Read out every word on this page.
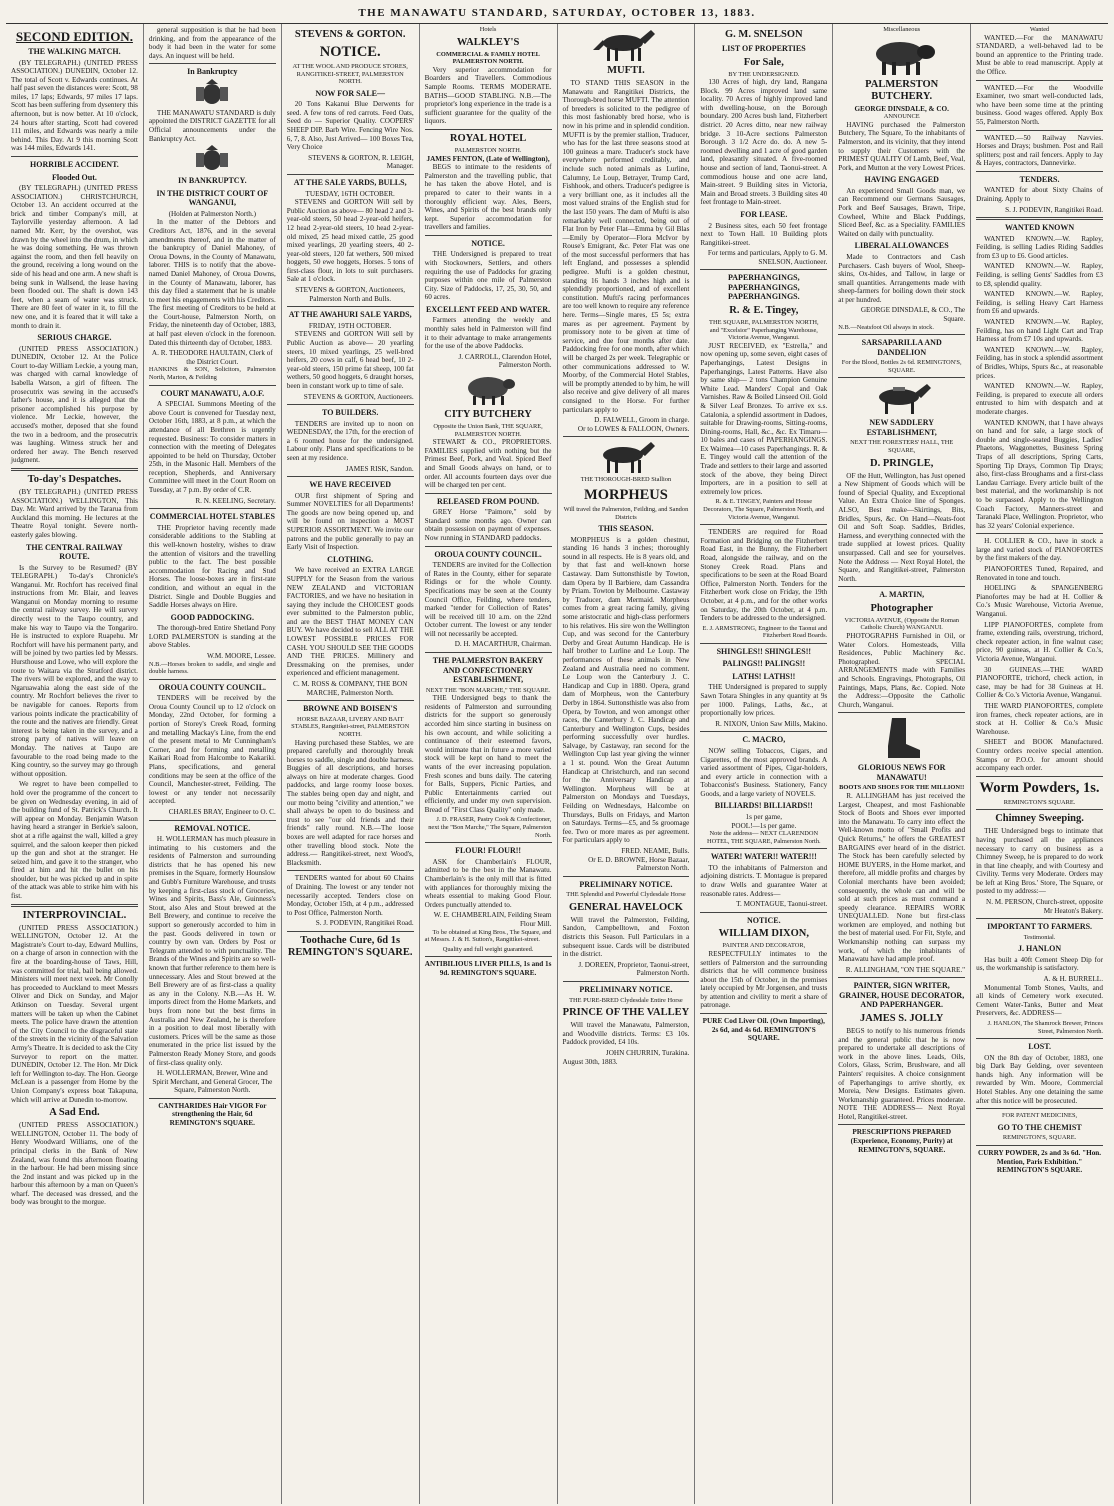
THE MANAWATU STANDARD, SATURDAY, OCTOBER 13, 1883.
SECOND EDITION.
THE WALKING MATCH.

(BY TELEGRAPH.) (UNITED PRESS ASSOCIATION.) DUNEDIN, October 12. The total of Scott v. Edwards continues. At half past seven the distances were: Scott, 98 miles, 17 laps; Edwards, 97 miles 17 laps. Scott has been suffering from dysentery this afternoon, but is now better. At 10 o'clock, 24 hours after starting, Scott had covered 111 miles, and Edwards was nearly a mile behind. This Day. At 9 this morning Scott was 144 miles, Edwards 141.

HORRIBLE ACCIDENT.
Flooded Out.

(BY TELEGRAPH.) (UNITED PRESS ASSOCIATION.) CHRISTCHURCH, October 13. An accident occurred at the brick and timber Company's mill, at Taylorville yesterday afternoon. A lad named Mr. Kerr, by the overshot, was drawn by the wheel into the drum, in which he was doing something. He was thrown against the room, and then fell heavily on the ground, receiving a long wound on the side of his head and one arm. A new shaft is being sunk in Wallsend, the lease having been flooded out. The shaft is down 143 feet, when a seam of water was struck. There are 80 feet of water in it, to fill the new one, and it is feared that it will take a month to drain it.

SERIOUS CHARGE.

(UNITED PRESS ASSOCIATION.) DUNEDIN, October 12. At the Police Court to-day William Leckie, a young man, was charged with carnal knowledge of Isabella Watson, a girl of fifteen. The prosecutrix was sewing in the accused's father's house, and it is alleged that the prisoner accomplished his purpose by violence. Mr Leckie, however, the accused's mother, deposed that she found the two in a bedroom, and the prosecutrix was laughing. Witness struck her and ordered her away. The Bench reserved judgment.

To-day's Despatches.

(BY TELEGRAPH.) (UNITED PRESS ASSOCIATION.) WELLINGTON, This Day. Mr. Ward arrived by the Tararua from Auckland this morning. He lectures at the Theatre Royal tonight. Severe north-easterly gales blowing.

THE CENTRAL RAILWAY ROUTE.

Is the Survey to be Resumed? (BY TELEGRAPH.) To-day's Chronicle's Wanganui. Mr. Rochfort has received final instructions from Mr. Blair, and leaves Wanganui on Monday morning to resume the central railway survey. He will survey directly west to the Taupo country, and make his way to Taupo via the Tongariro. He is instructed to explore Ruapehu. Mr Rochfort will have his permanent party, and will be joined by two parties led by Messrs. Hursthouse and Lowe, who will explore the route to Waitara via the Stratford district. The rivers will be explored, and the way to Ngaruawahia along the east side of the country. Mr Rochfort believes the river to be navigable for canoes. Reports from various points indicate the practicability of the route and the natives are friendly. Great interest is being taken in the survey, and a strong party of natives will leave on Monday. The natives at Taupo are favourable to the road being made to the King country, so the survey may go through without opposition.

We regret to have been compelled to hold over the programme of the concert to be given on Wednesday evening, in aid of the building fund of St. Patrick's Church. It will appear on Monday. Benjamin Watson having heard a stranger in Berkie's saloon, shot at a rifle against the wall, killed a grey squirrel, and the saloon keeper then picked up the gun and shot at the stranger. He seized him, and gave it to the stranger, who fired at him and hit the bullet on his shoulder, but he was picked up and in spite of the attack was able to strike him with his fist.

INTERPROVINCIAL.

(UNITED PRESS ASSOCIATION.) WELLINGTON, October 12. At the Magistrate's Court to-day, Edward Mullins, on a charge of arson in connection with the fire at the boarding-house of Taws, Hill, was committed for trial, bail being allowed. Ministers will meet next week. Mr Conolly has proceeded to Auckland to meet Messrs Oliver and Dick on Sunday, and Major Atkinson on Tuesday. Several urgent matters will be taken up when the Cabinet meets. The police have drawn the attention of the City Council to the disgraceful state of the streets in the vicinity of the Salvation Army's Theatre. It is decided to ask the City Surveyor to report on the matter. DUNEDIN, October 12. The Hon. Mr Dick left for Wellington to-day. The Hon. George McLean is a passenger from Home by the Union Company's express boat Takapuna, which will arrive at Dunedin to-morrow.

A Sad End.

(UNITED PRESS ASSOCIATION.) WELLINGTON, October 11. The body of Henry Woodward Williams, one of the principal clerks in the Bank of New Zealand, was found this afternoon floating in the harbour. He had been missing since the 2nd instant and was picked up in the harbour this afternoon by a man on Queen's wharf. The deceased was dressed, and the body was brought to the morgue.

general supposition is that he had been drinking, and from the appearance of the body it had been in the water for some days. An inquest will be held.

In Bankruptcy

THE MANAWATU STANDARD is duly appointed the DISTRICT GAZETTE for all Official announcements under the Bankruptcy Act.

IN BANKRUPTCY.
IN THE DISTRICT COURT OF WANGANUI,
(Holden at Palmerston North.)

In the matter of the Debtors and Creditors Act, 1876, and in the several amendments thereof, and in the matter of the bankruptcy of Daniel Mahoney, of Oroua Downs, in the County of Manawatu, laborer. THIS is to notify that the above-named Daniel Mahoney, of Oroua Downs, in the County of Manawatu, laborer, has this day filed a statement that he is unable to meet his engagements with his Creditors. The first meeting of Creditors to be held at the Court-house, Palmerston North, on Friday, the nineteenth day of October, 1883, at half past eleven o'clock in the forenoon. Dated this thirteenth day of October, 1883.

A. R. THEODORE HAULTAIN, Clerk of the District Court.
HANKINS & SON, Solicitors, Palmerston North, Marton, & Feilding
COURT MANAWATU, A.O.F.

A SPECIAL Summons Meeting of the above Court is convened for Tuesday next, October 16th, 1883, at 8 p.m., at which the attendance of all Brethren is urgently requested. Business: To consider matters in connection with the meeting of Delegates appointed to be held on Thursday, October 25th, in the Masonic Hall. Members of the reception, Shepherds, and Anniversary Committee will meet in the Court Room on Tuesday, at 7 p.m. By order of C.R.

R. N. KEELING, Secretary.
COMMERCIAL HOTEL STABLES

THE Proprietor having recently made considerable additions to the Stabling at this well-known hostelry, wishes to draw the attention of visitors and the travelling public to the fact. The best possible accommodation for Racing and Stud Horses. The loose-boxes are in first-rate condition, and without an equal in the District. Single and Double Buggies and Saddle Horses always on Hire.

GOOD PADDOCKING.

The thorough-bred Entire Shetland Pony LORD PALMERSTON is standing at the above Stables.

W.M. MOORE, Lessee.
N.B.—Horses broken to saddle, and single and double harness.
OROUA COUNTY COUNCIL.

TENDERS will be received by the Oroua County Council up to 12 o'clock on Monday, 22nd October, for forming a portion of Storey's Creek Road, forming and metalling Mackay's Line, from the end of the present metal to Mr Cunningham's Corner, and for forming and metalling Kaikari Road from Halcombe to Kakariki. Plans, specifications, and general conditions may be seen at the office of the Council, Manchester-street, Feilding. The lowest or any tender not necessarily accepted.

CHARLES BRAY, Engineer to O. C.
REMOVAL NOTICE.

H. WOLLERMAN has much pleasure in intimating to his customers and the residents of Palmerston and surrounding districts that he has opened his new premises in the Square, formerly Hounslow and Gubb's Furniture Warehouse, and trusts by keeping a first-class stock of Groceries, Wines and Spirits, Bass's Ale, Guinness's Stout, also Ales and Stout brewed at the Bell Brewery, and continue to receive the support so generously accorded to him in the past. Goods delivered in town or country by own van. Orders by Post or Telegram attended to with punctuality. The Brands of the Wines and Spirits are so well-known that further reference to them here is unnecessary. Ales and Stout brewed at the Bell Brewery are of as first-class a quality as any in the Colony. N.B.—As H. W. imports direct from the Home Markets, and buys from none but the best firms in Australia and New Zealand, he is therefore in a position to deal most liberally with customers. Prices will be the same as those enumerated in the price list issued by the Palmerston Ready Money Store, and goods of first-class quality only.

H. WOLLERMAN, Brewer, Wine and Spirit Merchant, and General Grocer, The Square, Palmerston North.
CANTHARIDES Hair VIGOR For strengthening the Hair, 6d REMINGTON'S SQUARE.
STEVENS & GORTON.
NOTICE.
AT THE WOOL AND PRODUCE STORES,
RANGITIKEI-STREET, PALMERSTON NORTH.
NOW FOR SALE—

20 Tons Kakanui Blue Derwents for seed. A few tons of red carrots. Feed Oats, Seed do — Superior Quality. COOPERS' SHEEP DIP. Barb Wire. Fencing Wire Nos. 6, 7, 8. Also, Just Arrived— 100 Boxes Tea, Very Choice

STEVENS & GORTON, R. LEIGH, Manager.
AT THE SALE YARDS, BULLS,
TUESDAY, 16TH OCTOBER.

STEVENS and GORTON Will sell by Public Auction as above— 80 head 2 and 3-year-old steers, 50 head 2-year-old heifers, 12 head 2-year-old steers, 10 head 2-year-old mixed, 25 head mixed cattle, 25 good mixed yearlings, 20 yearling steers, 40 2-year-old steers, 120 fat wethers, 500 mixed hoggets, 50 ewe hoggets, Horses. 5 tons of first-class flour, in lots to suit purchasers. Sale at 1 o'clock.

STEVENS & GORTON, Auctioneers, Palmerston North and Bulls.
AT THE AWAHURI SALE YARDS,
FRIDAY, 19TH OCTOBER.

STEVENS and GORTON Will sell by Public Auction as above— 20 yearling steers, 10 mixed yearlings, 25 well-bred heifers, 20 cows in calf, 6 head beef, 10 2-year-old steers, 150 prime fat sheep, 100 fat wethers, 50 good hoggets, 6 draught horses, been in constant work up to time of sale.

STEVENS & GORTON, Auctioneers.
TO BUILDERS.

TENDERS are invited up to noon on WEDNESDAY, the 17th, for the erection of a 6 roomed house for the undersigned. Labour only. Plans and specifications to be seen at my residence.

JAMES RISK, Sandon.
WE HAVE RECEIVED

OUR first shipment of Spring and Summer NOVELTIES for all Departments! The goods are now being opened up, and will be found on inspection a MOST SUPERIOR ASSORTMENT. We invite our patrons and the public generally to pay an Early Visit of Inspection.

CLOTHING.

We have received an EXTRA LARGE SUPPLY for the Season from the various NEW ZEALAND and VICTORIAN FACTORIES, and we have no hesitation in saying they include the CHOICEST goods ever submitted to the Palmerston public, and are the BEST THAT MONEY CAN BUY. We have decided to sell ALL AT THE LOWEST POSSIBLE PRICES FOR CASH. YOU SHOULD SEE THE GOODS AND THE PRICES. Millinery and Dressmaking on the premises, under experienced and efficient management.

C. M. ROSS & COMPANY, THE BON MARCHE, Palmerston North.
BROWNE AND BOISEN'S
HORSE BAZAAR, LIVERY AND BAIT STABLES, Rangitikei-street, PALMERSTON NORTH.

Having purchased these Stables, we are prepared carefully and thoroughly break horses to saddle, single and double harness. Buggies of all descriptions, and horses always on hire at moderate charges. Good paddocks, and large roomy loose boxes. The stables being open day and night, and our motto being "civility and attention," we shall always be open to do business and trust to see "our old friends and their friends" rally round. N.B.—The loose boxes are well adapted for race horses and other travelling blood stock. Note the address.— Rangitikei-street, next Wood's, Blacksmith.

TENDERS wanted for about 60 Chains of Draining. The lowest or any tender not necessarily accepted. Tenders close on Monday, October 15th, at 4 p.m., addressed to Post Office, Palmerston North.

S. J. PODEVIN, Rangitikei Road.
Toothache Cure, 6d 1s REMINGTON'S SQUARE.
Hotels
WALKLEY'S
COMMERCIAL & FAMILY HOTEL PALMERSTON NORTH.

Very superior accommodation for Boarders and Travellers. Commodious Sample Rooms. TERMS MODERATE. BATHS—GOOD STABLING. N.B.—The proprietor's long experience in the trade is a sufficient guarantee for the quality of the liquors.

ROYAL HOTEL
PALMERSTON NORTH.
JAMES FENTON, (Late of Wellington),

BEGS to intimate to the residents of Palmerston and the travelling public, that he has taken the above Hotel, and is prepared to cater to their wants in a thoroughly efficient way. Ales, Beers, Wines, and Spirits of the best brands only kept. Superior accommodation for travellers and families.

NOTICE.

THE Undersigned is prepared to treat with Stockowners, Settlers, and others requiring the use of Paddocks for grazing purposes within one mile of Palmerston City. Size of Paddocks, 17, 25, 30, 50, and 60 acres.

EXCELLENT FEED AND WATER.

Farmers attending the weekly and monthly sales held in Palmerston will find it to their advantage to make arrangements for the use of the above Paddocks.

J. CARROLL, Clarendon Hotel, Palmerston North.
CITY BUTCHERY
Opposite the Union Bank, THE SQUARE, PALMERSTON NORTH.

STEWART & CO., PROPRIETORS. FAMILIES supplied with nothing but the Primest Beef, Pork, and Veal. Spiced Beef and Small Goods always on hand, or to order. All accounts fourteen days over due will be charged ten per cent.

RELEASED FROM POUND.

GREY Horse "Paimore," sold by Standard some months ago. Owner can obtain possession on payment of expenses. Now running in STANDARD paddocks.

OROUA COUNTY COUNCIL.

TENDERS are invited for the Collection of Rates in the County, either for separate Ridings or for the whole County. Specifications may be seen at the County Council Office, Feilding, where tenders, marked "tender for Collection of Rates" will be received till 10 a.m. on the 22nd October current. The lowest or any tender will not necessarily be accepted.

D. H. MACARTHUR, Chairman.
THE PALMERSTON BAKERY AND CONFECTIONERY ESTABLISHMENT,
NEXT THE "BON MARCHE," THE SQUARE.

THE Undersigned begs to thank the residents of Palmerston and surrounding districts for the support so generously accorded him since starting in business on his own account, and while soliciting a continuance of their esteemed favors, would intimate that in future a more varied stock will be kept on hand to meet the wants of the ever increasing population. Fresh scones and buns daily. The catering for Balls, Suppers, Picnic Parties, and Public Entertainments carried out efficiently, and under my own supervision. Bread of "First Class Quality" only made.

J. D. FRASER, Pastry Cook & Confectioner, next the "Bon Marche," The Square, Palmerston North.
FLOUR! FLOUR!!

ASK for Chamberlain's FLOUR, admitted to be the best in the Manawatu. Chamberlain's is the only mill that is fitted with appliances for thoroughly mixing the wheats essential to making Good Flour. Orders punctually attended to.

W. E. CHAMBERLAIN, Feilding Steam Flour Mill.

To be obtained at King Bros., The Square, and at Messrs. J. & H. Sutton's, Rangitikei-street.

Quality and full weight guaranteed.
ANTIBILIOUS LIVER PILLS, 1s and 1s 9d. REMINGTON'S SQUARE.
MUFTI.

TO STAND THIS SEASON in the Manawatu and Rangitikei Districts, the Thorough-bred horse MUFTI. The attention of breeders is solicited to the pedigree of this most fashionably bred horse, who is now in his prime and in splendid condition. MUFTI is by the premier stallion, Traducer, who has for the last three seasons stood at 100 guineas a mare. Traducer's stock have everywhere performed creditably, and include such noted animals as Lurline, Calumny, Le Loup, Betrayer, Trump Card, Fishhook, and others. Traducer's pedigree is a very brilliant one, as it includes all the most valued strains of the English stud for the last 150 years. The dam of Mufti is also remarkably well connected, being out of Flat Iron by Peter Flat—Emma by Gil Blas—Emily by Operator—Flora McIvor by Rouse's Emigrant, &c. Peter Flat was one of the most successful performers that has left England, and possesses a splendid pedigree. Mufti is a golden chestnut, standing 16 hands 3 inches high and is splendidly proportioned, and of excellent constitution. Mufti's racing performances are too well known to require any reference here. Terms—Single mares, £5 5s; extra mares as per agreement. Payment by promissory note to be given at time of service, and due four months after date. Paddocking free for one month, after which will be charged 2s per week. Telegraphic or other communications addressed to W. Moorby, of the Commercial Hotel Stables, will be promptly attended to by him, he will also receive and give delivery of all mares consigned to the Horse. For further particulars apply to

D. FALWELL, Groom in charge.
Or to LOWES & FALLOON, Owners.
THE THOROUGH-BRED Stallion
MORPHEUS
Will travel the Palmerston, Feilding, and Sandon Districts
THIS SEASON.

MORPHEUS is a golden chestnut, standing 16 hands 3 inches; thoroughly sound in all respects. He is 8 years old, and by that fast and well-known horse Castaway. Dam Suttonsthistle by Towton, dam Opera by Il Barbiere, dam Cassandra by Priam. Towton by Melbourne. Castaway by Traducer, dam Mermaid. Morpheus comes from a great racing family, giving some aristocratic and high-class performers to his relatives. His sire won the Wellington Cup, and was second for the Canterbury Derby and Great Autumn Handicap. He is half brother to Lurline and Le Loup. The performances of these animals in New Zealand and Australia need no comment. Le Loup won the Canterbury J. C. Handicap and Cup in 1880. Opera, grand dam of Morpheus, won the Canterbury Derby in 1864. Suttonsthistle was also from Opera, by Towton, and won amongst other races, the Canterbury J. C. Handicap and Canterbury and Wellington Cups, besides performing successfully over hurdles. Salvage, by Castaway, ran second for the Wellington Cup last year giving the winner a 1 st. pound. Won the Great Autumn Handicap at Christchurch, and ran second for the Anniversary Handicap at Wellington. Morpheus will be at Palmerston on Mondays and Tuesdays, Feilding on Wednesdays, Halcombe on Thursdays, Bulls on Fridays, and Marton on Saturdays. Terms—£5, and 5s groomage fee. Two or more mares as per agreement. For particulars apply to

FRED. NEAME, Bulls.
Or E. D. BROWNE, Horse Bazaar, Palmerston North.
PRELIMINARY NOTICE.
THE Splendid and Powerful Clydesdale Horse
GENERAL HAVELOCK

Will travel the Palmerston, Feilding, Sandon, Campbelltown, and Foxton districts this Season. Full Particulars in a subsequent issue. Cards will be distributed in the district.

J. DOREEN, Proprietor, Taonui-street, Palmerston North.
PRELIMINARY NOTICE.
THE PURE-BRED Clydesdale Entire Horse
PRINCE OF THE VALLEY

Will travel the Manawatu, Palmerston, and Woodville districts. Terms: £3 10s. Paddock provided, £4 10s.

JOHN CHURRIN, Turakina.
August 30th, 1883.
G. M. SNELSON
LIST OF PROPERTIES
For Sale,
BY THE UNDERSIGNED.

130 Acres of high, dry land, Rangana Block. 99 Acres improved land same locality. 70 Acres of highly improved land with dwelling-house, on the Borough boundary. 200 Acres bush land, Fitzherbert district. 20 Acres ditto, near new railway bridge. 3 10-Acre sections Palmerston Borough. 3 1/2 Acre do. do. A new 5-roomed dwelling and 1 acre of good garden land, pleasantly situated. A five-roomed house and section of land, Taonui-street. A commodious house and one acre land, Main-street. 9 Building sites in Victoria, Main and Broad streets. 3 Building sites 40 feet frontage to Main-street.

FOR LEASE.

2 Business sites, each 50 feet frontage next to Town Hall. 10 Building plots Rangitikei-street.

For terms and particulars, Apply to G. M. SNELSON, Auctioneer.
PAPERHANGINGS, PAPERHANGINGS, PAPERHANGINGS.
R. & E. Tingey,
THE SQUARE, PALMERSTON NORTH,
and "Excelsior" Paperhanging Warehouse, Victoria Avenue, Wanganui.

JUST RECEIVED, ex "Estrella," and now opening up, some seven, eight cases of Paperhangings, Latest Designs in Paperhangings, Latest Patterns. Have also by same ship— 2 tons Champion Genuine White Lead. Manders' Copal and Oak Varnishes. Raw & Boiled Linseed Oil. Gold & Silver Leaf Bronzes. To arrive ex s.s. Catalonia, a splendid assortment in Dadoes, suitable for Drawing-rooms, Sitting-rooms, Dining-rooms, Hall, &c., &c. Ex Timaru— 10 bales and cases of PAPERHANGINGS. Ex Waimea—10 cases Paperhangings. R. & E. Tingey would call the attention of the Trade and settlers to their large and assorted stock of the above, they being Direct Importers, are in a position to sell at extremely low prices.

R. & E. TINGEY, Painters and House Decorators, The Square, Palmerston North, and Victoria Avenue, Wanganui.

TENDERS are required for Road Formation and Bridging on the Fitzherbert Road East, in the Bunny, the Fitzherbert Road, alongside the railway, and on the Stoney Creek Road. Plans and specifications to be seen at the Road Board Office, Palmerston North. Tenders for the Fitzherbert work close on Friday, the 19th October, at 4 p.m., and for the other works on Saturday, the 20th October, at 4 p.m. Tenders to be addressed to the undersigned.

E. J. ARMSTRONG, Engineer to the Taonui and Fitzherbert Road Boards.
SHINGLES!! SHINGLES!!
PALINGS!! PALINGS!!
LATHS! LATHS!!

THE Undersigned is prepared to supply Sawn Totara Shingles in any quantity at 9s per 1000. Palings, Laths, &c., at proportionally low prices.

R. NIXON, Union Saw Mills, Makino.
C. MACRO,

NOW selling Tobaccos, Cigars, and Cigarettes, of the most approved brands. A varied assortment of Pipes, Cigar-holders, and every article in connection with a Tobacconist's Business. Stationery, Fancy Goods, and a large variety of NOVELS.

BILLIARDS! BILLIARDS!!
1s per game,
POOL!—1s per game.
Note the address— NEXT CLARENDON HOTEL, THE SQUARE, Palmerston North.
WATER! WATER!! WATER!!!

TO the inhabitants of Palmerston and adjoining districts. T. Montague is prepared to draw Wells and guarantee Water at reasonable rates. Address—

T. MONTAGUE, Taonui-street.
NOTICE.
WILLIAM DIXON,
PAINTER AND DECORATOR,

RESPECTFULLY intimates to the settlers of Palmerston and the surrounding districts that he will commence business about the 15th of October, in the premises lately occupied by Mr Jorgensen, and trusts by attention and civility to merit a share of patronage.

PURE Cod Liver Oil. (Own Importing), 2s 6d, and 4s 6d. REMINGTON'S SQUARE.
Miscellaneous
PALMERSTON BUTCHERY.
GEORGE DINSDALE, & CO.
ANNOUNCE

HAVING purchased the Palmerston Butchery, The Square, To the inhabitants of Palmerston, and its vicinity, that they intend to supply their Customers with the PRIMEST QUALITY Of Lamb, Beef, Veal, Pork, and Mutton at the very Lowest Prices.

HAVING ENGAGED

An experienced Small Goods man, we can Recommend our Germans Sausages, Pork and Beef Sausages, Brawn, Tripe, Cowheel, White and Black Puddings, Sliced Beef, &c. as a Speciality. FAMILIES Waited on daily with punctuality.

LIBERAL ALLOWANCES

Made to Contractors and Cash Purchasers. Cash buyers of Wool, Sheep-skins, Ox-hides, and Tallow, in large or small quantities. Arrangements made with sheep-farmers for boiling down their stock at per hundred.

GEORGE DINSDALE, & CO., The Square.
N.B.—Neatsfoot Oil always in stock.
SARSAPARILLA AND DANDELION
For the Blood, Bottles 2s 6d. REMINGTON'S, SQUARE.
NEW SADDLERY ESTABLISHMENT,
NEXT THE FORESTERS' HALL, THE SQUARE,
D. PRINGLE,

OF the Hutt, Wellington, has Just opened a New Shipment of Goods which will be found of Special Quality, and Exceptional Value. An Extra Choice line of Sponges. ALSO, Best make—Skirtings, Bits, Bridles, Spurs, &c. On Hand—Neats-foot Oil and Soft Soap. Saddles, Bridles, Harness, and everything connected with the trade supplied at lowest prices. Quality unsurpassed. Call and see for yourselves. Note the Address — Next Royal Hotel, the Square, and Rangitikei-street, Palmerston North.

A. MARTIN,
Photographer
VICTORIA AVENUE, (Opposite the Roman Catholic Church) WANGANUI.

PHOTOGRAPHS Furnished in Oil, or Water Colors. Homesteads, Villa Residences, Public Machinery &c. Photographed. SPECIAL ARRANGEMENTS made with Families and Schools. Engravings, Photographs, Oil Paintings, Maps, Plans, &c. Copied. Note the Address:—Opposite the Catholic Church, Wanganui.

GLORIOUS NEWS FOR MANAWATU!
BOOTS AND SHOES FOR THE MILLION!!

R. ALLINGHAM has just received the Largest, Cheapest, and most Fashionable Stock of Boots and Shoes ever imported into the Manawatu. To carry into effect the Well-known motto of "Small Profits and Quick Returns," he offers the GREATEST BARGAINS ever heard of in the district. The Stock has been carefully selected by HOME BUYERS, in the Home market, and therefore, all middle profits and charges by Colonial merchants have been avoided; consequently, the whole can and will be sold at such prices as must command a speedy clearance. REPAIRS WORK UNEQUALLED. None but first-class workmen are employed, and nothing but the best of material used. For Fit, Style, and Workmanship nothing can surpass my work, of which the inhabitants of Manawatu have had ample proof.

R. ALLINGHAM, "ON THE SQUARE."
PAINTER, SIGN WRITER, GRAINER, HOUSE DECORATOR, AND PAPERHANGER.
JAMES S. JOLLY

BEGS to notify to his numerous friends and the general public that he is now prepared to undertake all descriptions of work in the above lines. Leads, Oils, Colors, Glass, Scrim, Brushware, and all Painters' requisites. A choice consignment of Paperhangings to arrive shortly, ex Moreia, New Designs. Estimates given. Workmanship guaranteed. Prices moderate. NOTE THE ADDRESS— Next Royal Hotel, Rangitikei-street.

PRESCRIPTIONS PREPARED (Experience, Economy, Purity) at REMINGTON'S, SQUARE.
Wanted

WANTED.—For the MANAWATU STANDARD, a well-behaved lad to be bound an apprentice to the Printing trade. Must be able to read manuscript. Apply at the Office.

WANTED.—For the Woodville Examiner, two smart well-conducted lads, who have been some time at the printing business. Good wages offered. Apply Box 55, Palmerston North.

WANTED.—50 Railway Navvies. Horses and Drays; bushmen. Post and Rail splitters; post and rail fencers. Apply to Jay & Hayes, contractors, Dannevirke.

TENDERS.

WANTED for about Sixty Chains of Draining. Apply to

S. J. PODEVIN, Rangitikei Road.
WANTED KNOWN

WANTED KNOWN.—W. Rapley, Feilding, is selling Ladies Riding Saddles from £3 up to £6. Good articles.

WANTED KNOWN.—W. Rapley, Feilding, is selling Gents' Saddles from £3 to £8, splendid quality.

WANTED KNOWN.—W. Rapley, Feilding, is selling Heavy Cart Harness from £6 and upwards.

WANTED KNOWN.—W. Rapley, Feilding, has on hand Light Cart and Trap Harness at from £7 10s and upwards.

WANTED KNOWN.—W. Rapley, Feilding, has in stock a splendid assortment of Bridles, Whips, Spurs &c., at reasonable prices.

WANTED KNOWN.—W. Rapley, Feilding, is prepared to execute all orders entrusted to him with despatch and at moderate charges.

WANTED KNOWN, that I have always on hand and for sale, a large stock of double and single-seated Buggies, Ladies' Phaetons, Waggonettes, Business Spring Traps of all descriptions, Spring Carts, Sporting Tip Drays, Common Tip Drays; also, first-class Broughams and a first-class Landau Carriage. Every article built of the best material, and the workmanship is not to be surpassed. Apply to the Wellington Coach Factory, Manners-street and Taranaki Place, Wellington. Proprietor, who has 32 years' Colonial experience.

H. COLLIER & CO., have in stock a large and varied stock of PIANOFORTES by the first makers of the day.

PIANOFORTES Tuned, Repaired, and Renovated in tone and touch.

HOELING & SPANGENBERG Pianofortes may be had at H. Collier & Co.'s Music Warehouse, Victoria Avenue, Wanganui.

LIPP PIANOFORTES, complete from frame, extending rails, overstrung, trichord, check repeater action, in fine walnut case; price, 90 guineas, at H. Collier & Co.'s, Victoria Avenue, Wanganui.

30 GUINEAS.—THE WARD PIANOFORTE, trichord, check action, in case, may be had for 38 Guineas at H. Collier & Co.'s Victoria Avenue, Wanganui.

THE WARD PIANOFORTES, complete iron frames, check repeater actions, are in stock at H. Collier & Co.'s Music Warehouse.

SHEET and BOOK Manufactured. Country orders receive special attention. Stamps or P.O.O. for amount should accompany each order.

Worm Powders, 1s.
REMINGTON'S SQUARE.
Chimney Sweeping.

THE Undersigned begs to intimate that having purchased all the appliances necessary to carry on business as a Chimney Sweep, he is prepared to do work in that line cheaply, and with Courtesy and Civility. Terms very Moderate. Orders may be left at King Bros.' Store, The Square, or posted to my address:—

N. M. PERSON, Church-street, opposite Mr Heaton's Bakery.
IMPORTANT TO FARMERS.
Testimonial.
J. HANLON

Has built a 40ft Cement Sheep Dip for us, the workmanship is satisfactory.

A. & H. BURRELL.

Monumental Tomb Stones, Vaults, and all kinds of Cemetery work executed. Cement Water-Tanks, Butter and Meat Preservers, &c. ADDRESS—

J. HANLON, The Shamrock Brewer, Princes Street, Palmerston North.
LOST.

ON the 8th day of October, 1883, one big Dark Bay Gelding, over seventeen hands high. Any information will be rewarded by Wm. Moore, Commercial Hotel Stables. Any one detaining the same after this notice will be prosecuted.

FOR PATENT MEDICINES,
GO TO THE CHEMIST
REMINGTON'S, SQUARE.
CURRY POWDER, 2s and 3s 6d. "Hon. Mention, Paris Exhibition." REMINGTON'S SQUARE.
